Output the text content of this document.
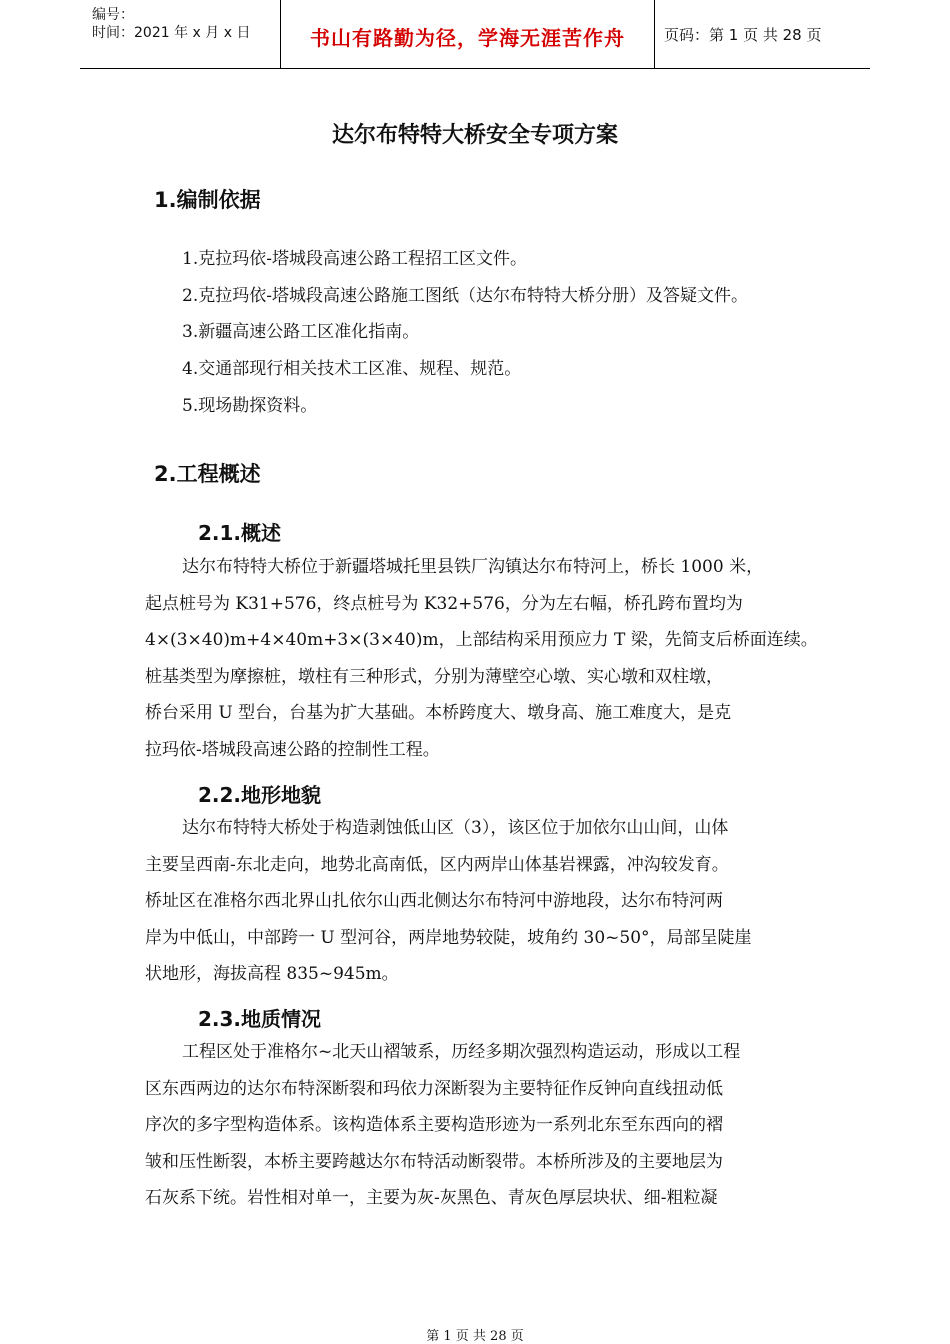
编号：
时间：2021 年 x 月 x 日	书山有路勤为径，学海无涯苦作舟	页码：第 1 页 共 28 页
达尔布特特大桥安全专项方案
1.编制依据
1.克拉玛依-塔城段高速公路工程招工区文件。
2.克拉玛依-塔城段高速公路施工图纸（达尔布特特大桥分册）及答疑文件。
3.新疆高速公路工区准化指南。
4.交通部现行相关技术工区准、规程、规范。
5.现场勘探资料。
2.工程概述
2.1.概述
达尔布特特大桥位于新疆塔城托里县铁厂沟镇达尔布特河上，桥长 1000 米，
起点桩号为 K31+576，终点桩号为 K32+576，分为左右幅，桥孔跨布置均为
4×(3×40)m+4×40m+3×(3×40)m，上部结构采用预应力 T 梁，先简支后桥面连续。
桩基类型为摩擦桩，墩柱有三种形式，分别为薄壁空心墩、实心墩和双柱墩，
桥台采用 U 型台，台基为扩大基础。本桥跨度大、墩身高、施工难度大，是克
拉玛依-塔城段高速公路的控制性工程。
2.2.地形地貌
达尔布特特大桥处于构造剥蚀低山区（3），该区位于加依尔山山间，山体
主要呈西南-东北走向，地势北高南低，区内两岸山体基岩裸露，冲沟较发育。
桥址区在准格尔西北界山扎依尔山西北侧达尔布特河中游地段，达尔布特河两
岸为中低山，中部跨一 U 型河谷，两岸地势较陡，坡角约 30~50°，局部呈陡崖
状地形，海拔高程 835~945m。
2.3.地质情况
工程区处于准格尔~北天山褶皱系，历经多期次强烈构造运动，形成以工程
区东西两边的达尔布特深断裂和玛依力深断裂为主要特征作反钟向直线扭动低
序次的多字型构造体系。该构造体系主要构造形迹为一系列北东至东西向的褶
皱和压性断裂，本桥主要跨越达尔布特活动断裂带。本桥所涉及的主要地层为
石灰系下统。岩性相对单一，主要为灰-灰黑色、青灰色厚层块状、细-粗粒凝
第 1 页 共 28 页
